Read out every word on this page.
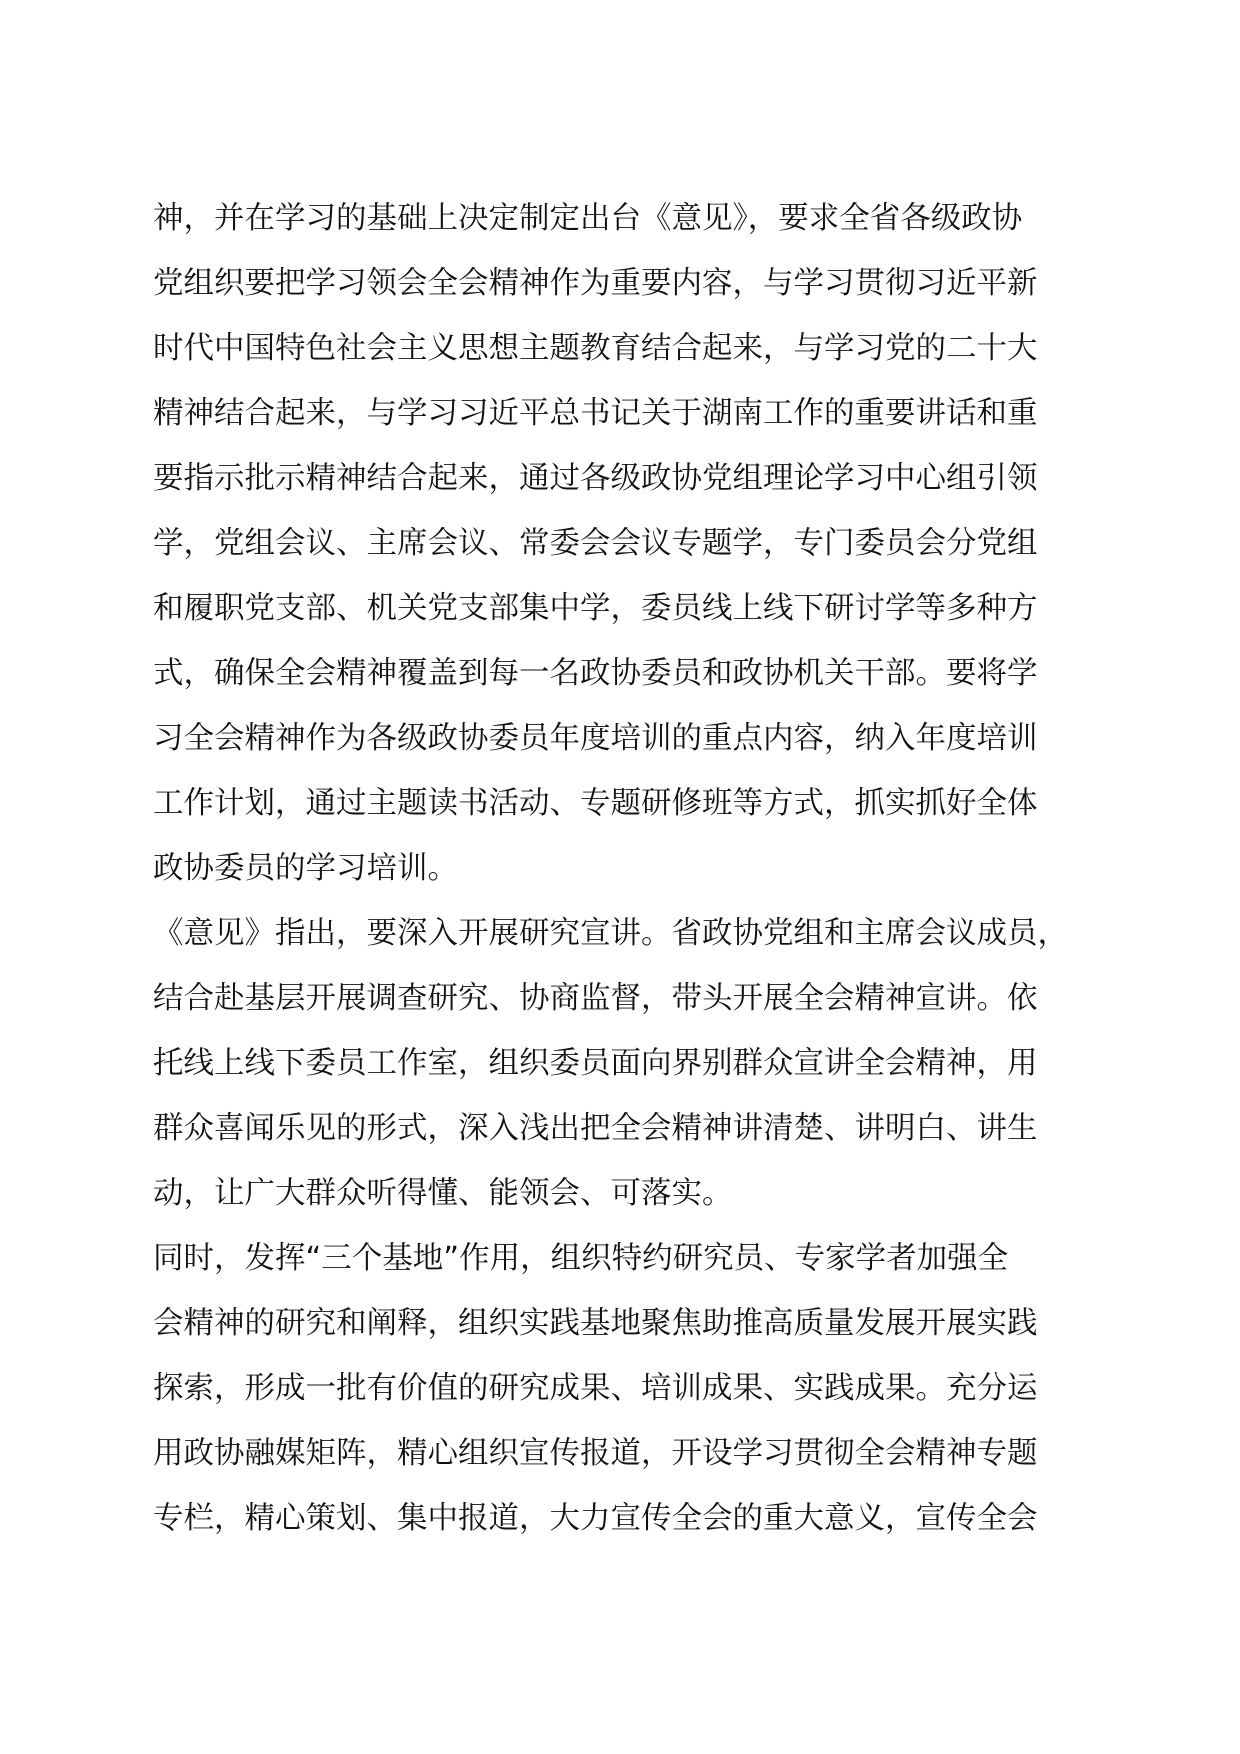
神，并在学习的基础上决定制定出台《意见》，要求全省各级政协
党组织要把学习领会全会精神作为重要内容，与学习贯彻习近平新
时代中国特色社会主义思想主题教育结合起来，与学习党的二十大
精神结合起来，与学习习近平总书记关于湖南工作的重要讲话和重
要指示批示精神结合起来，通过各级政协党组理论学习中心组引领
学，党组会议、主席会议、常委会会议专题学，专门委员会分党组
和履职党支部、机关党支部集中学，委员线上线下研讨学等多种方
式，确保全会精神覆盖到每一名政协委员和政协机关干部。要将学
习全会精神作为各级政协委员年度培训的重点内容，纳入年度培训
工作计划，通过主题读书活动、专题研修班等方式，抓实抓好全体
政协委员的学习培训。
《意见》指出，要深入开展研究宣讲。省政协党组和主席会议成员，
结合赴基层开展调查研究、协商监督，带头开展全会精神宣讲。依
托线上线下委员工作室，组织委员面向界别群众宣讲全会精神，用
群众喜闻乐见的形式，深入浅出把全会精神讲清楚、讲明白、讲生
动，让广大群众听得懂、能领会、可落实。
同时，发挥“三个基地”作用，组织特约研究员、专家学者加强全
会精神的研究和阐释，组织实践基地聚焦助推高质量发展开展实践
探索，形成一批有价值的研究成果、培训成果、实践成果。充分运
用政协融媒矩阵，精心组织宣传报道，开设学习贯彻全会精神专题
专栏，精心策划、集中报道，大力宣传全会的重大意义，宣传全会
